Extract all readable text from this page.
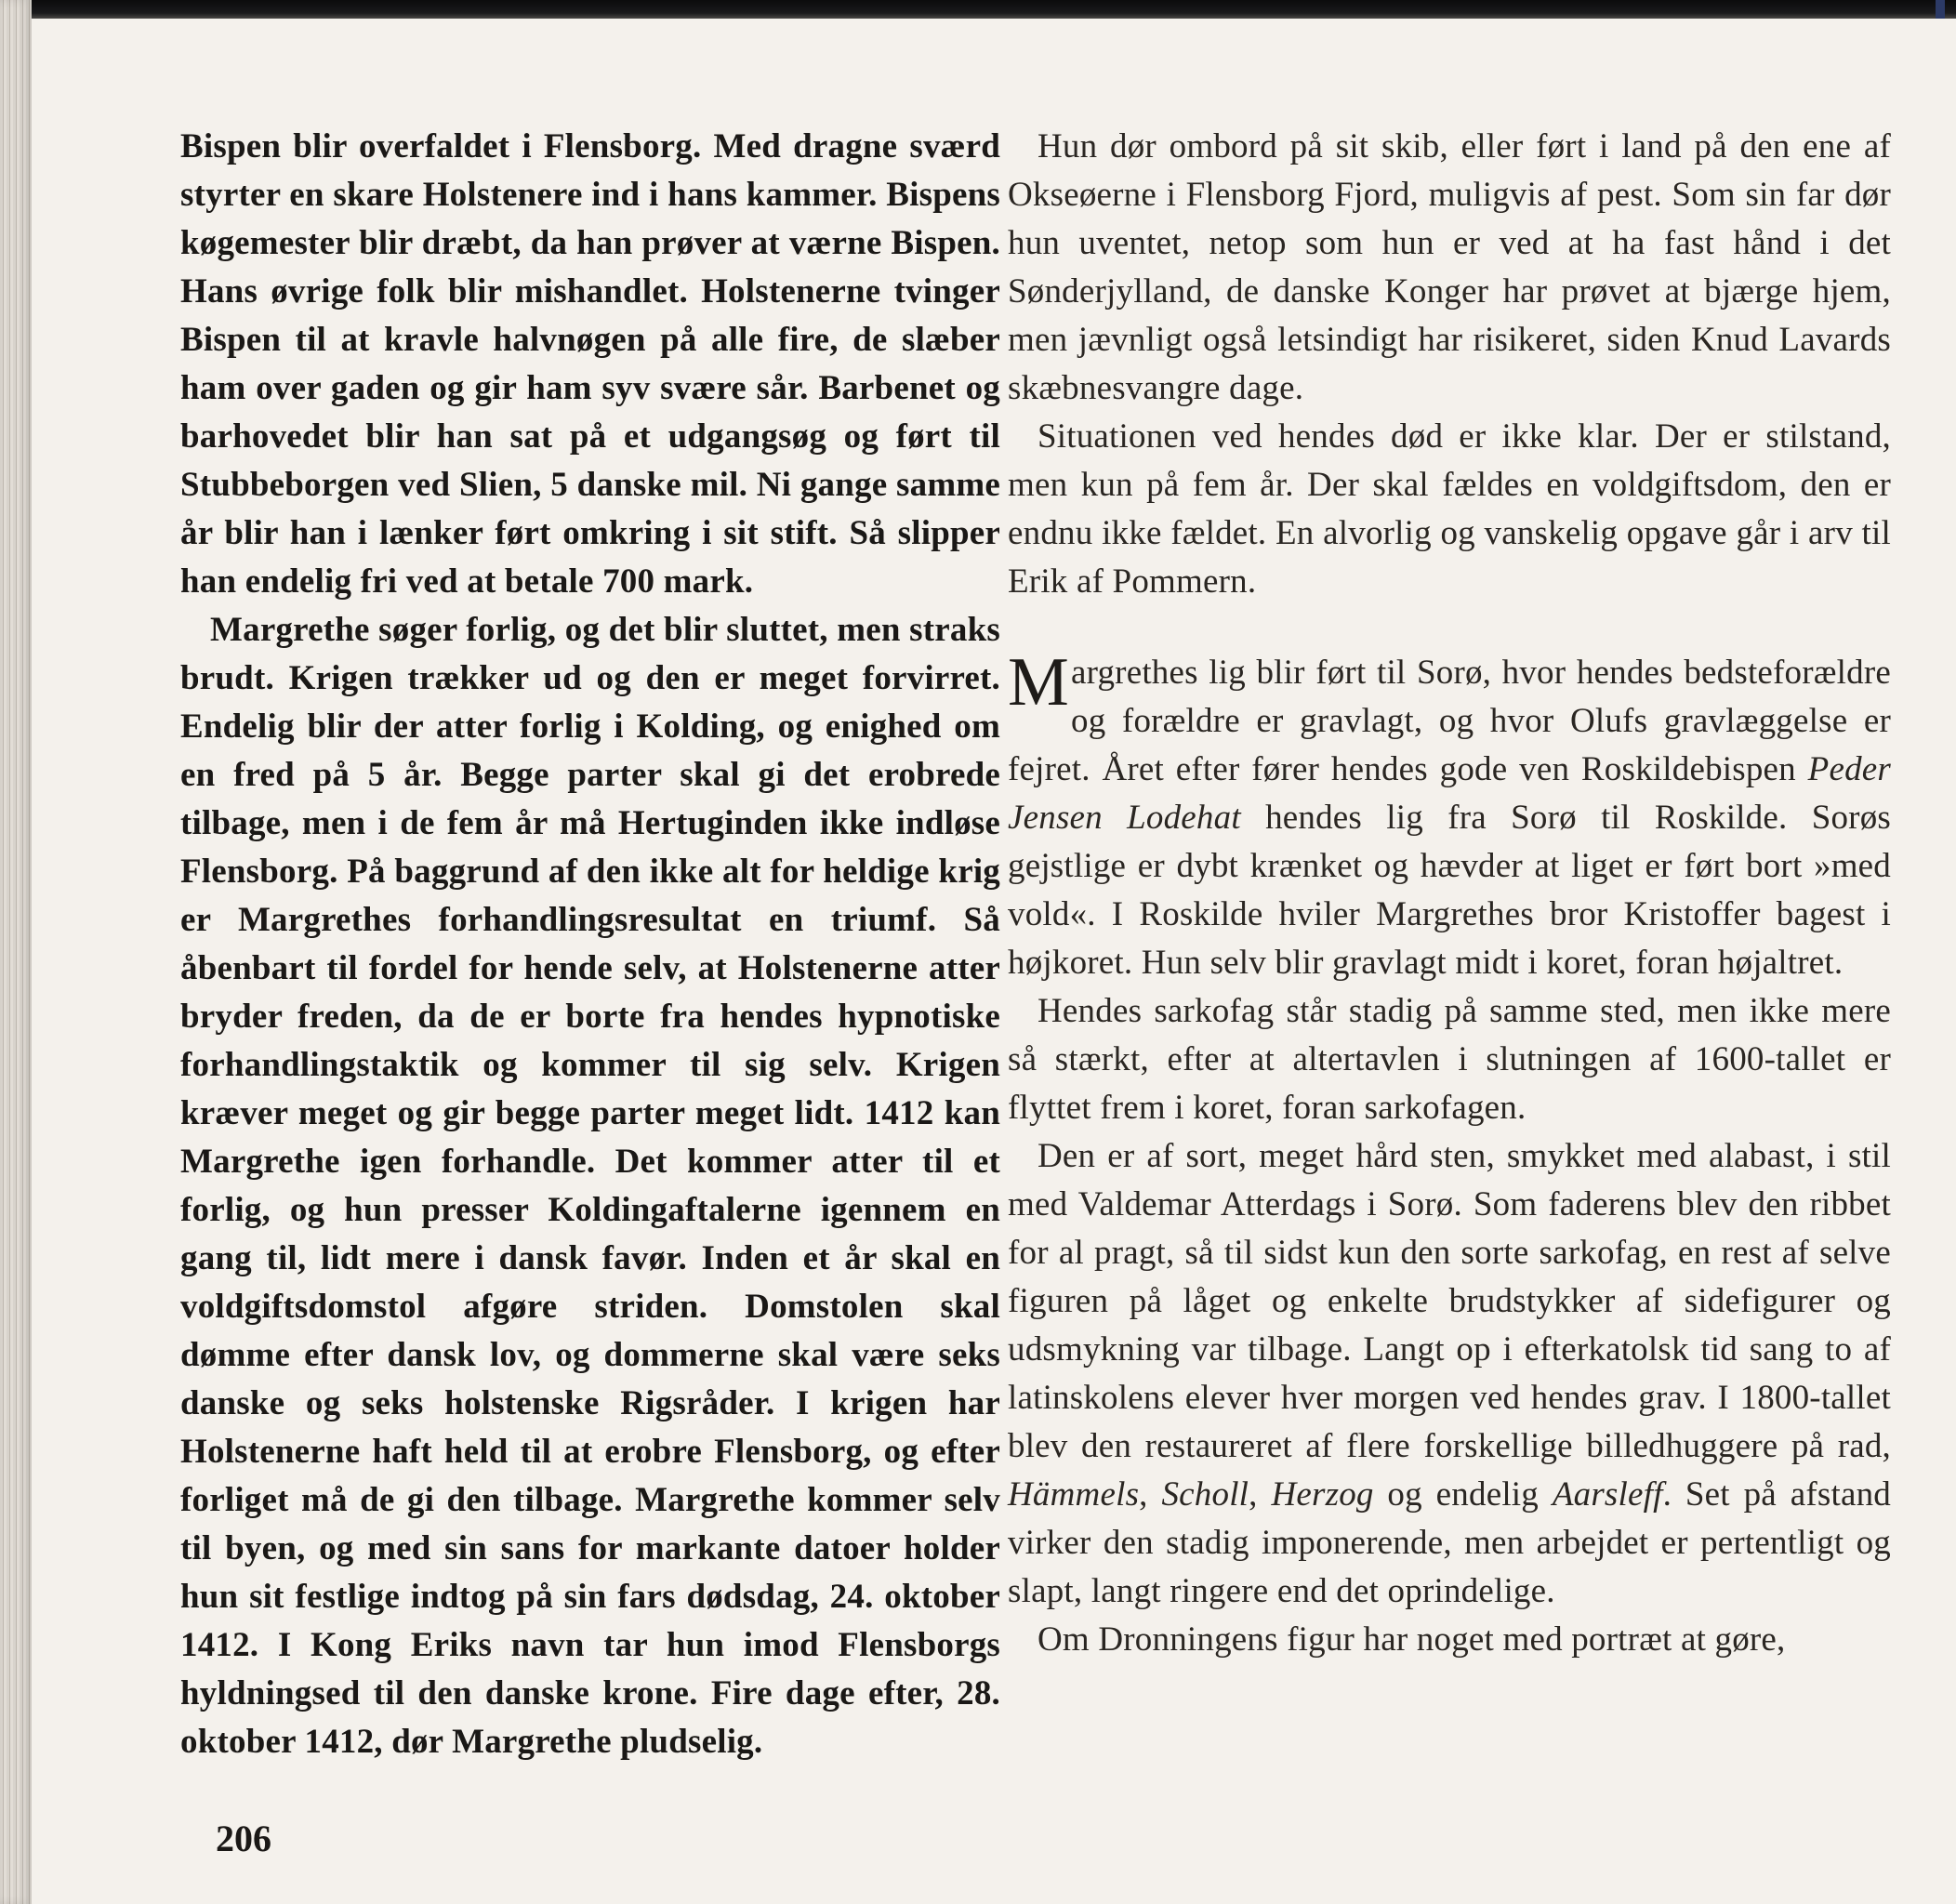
Bispen blir overfaldet i Flensborg. Med dragne sværd styrter en skare Holstenere ind i hans kammer. Bispens køgemester blir dræbt, da han prøver at værne Bispen. Hans øvrige folk blir mishandlet. Holstenerne tvinger Bispen til at kravle halvnøgen på alle fire, de slæber ham over gaden og gir ham syv svære sår. Barbenet og barhovedet blir han sat på et udgangsøg og ført til Stubbeborgen ved Slien, 5 danske mil. Ni gange samme år blir han i lænker ført omkring i sit stift. Så slipper han endelig fri ved at betale 700 mark.

Margrethe søger forlig, og det blir sluttet, men straks brudt. Krigen trækker ud og den er meget forvirret. Endelig blir der atter forlig i Kolding, og enighed om en fred på 5 år. Begge parter skal gi det erobrede tilbage, men i de fem år må Hertuginden ikke indløse Flensborg. På baggrund af den ikke alt for heldige krig er Margrethes forhandlingsresultat en triumf. Så åbenbart til fordel for hende selv, at Holstenerne atter bryder freden, da de er borte fra hendes hypnotiske forhandlingstaktik og kommer til sig selv. Krigen kræver meget og gir begge parter meget lidt. 1412 kan Margrethe igen forhandle. Det kommer atter til et forlig, og hun presser Koldingaftalerne igennem en gang til, lidt mere i dansk favør. Inden et år skal en voldgiftsdomstol afgøre striden. Domstolen skal dømme efter dansk lov, og dommerne skal være seks danske og seks holstenske Rigsråder. I krigen har Holstenerne haft held til at erobre Flensborg, og efter forliget må de gi den tilbage. Margrethe kommer selv til byen, og med sin sans for markante datoer holder hun sit festlige indtog på sin fars dødsdag, 24. oktober 1412. I Kong Eriks navn tar hun imod Flensborgs hyldningsed til den danske krone. Fire dage efter, 28. oktober 1412, dør Margrethe pludselig.

Hun dør ombord på sit skib, eller ført i land på den ene af Okseøerne i Flensborg Fjord, muligvis af pest. Som sin far dør hun uventet, netop som hun er ved at ha fast hånd i det Sønderjylland, de danske Konger har prøvet at bjærge hjem, men jævnligt også letsindigt har risikeret, siden Knud Lavards skæbnesvangre dage.

Situationen ved hendes død er ikke klar. Der er stilstand, men kun på fem år. Der skal fældes en voldgiftsdom, den er endnu ikke fældet. En alvorlig og vanskelig opgave går i arv til Erik af Pommern.

Margrethes lig blir ført til Sorø, hvor hendes bedsteforældre og forældre er gravlagt, og hvor Olufs gravlæggelse er fejret. Året efter fører hendes gode ven Roskildebispen Peder Jensen Lodehat hendes lig fra Sorø til Roskilde. Sorøs gejstlige er dybt krænket og hævder at liget er ført bort »med vold«. I Roskilde hviler Margrethes bror Kristoffer bagest i højkoret. Hun selv blir gravlagt midt i koret, foran højaltret.

Hendes sarkofag står stadig på samme sted, men ikke mere så stærkt, efter at altertavlen i slutningen af 1600-tallet er flyttet frem i koret, foran sarkofagen.

Den er af sort, meget hård sten, smykket med alabast, i stil med Valdemar Atterdags i Sorø. Som faderens blev den ribbet for al pragt, så til sidst kun den sorte sarkofag, en rest af selve figuren på låget og enkelte brudstykker af sidefigurer og udsmykning var tilbage. Langt op i efterkatolsk tid sang to af latinskolens elever hver morgen ved hendes grav. I 1800-tallet blev den restaureret af flere forskellige billedhuggere på rad, Hämmels, Scholl, Herzog og endelig Aarsleff. Set på afstand virker den stadig imponerende, men arbejdet er pertentligt og slapt, langt ringere end det oprindelige.

Om Dronningens figur har noget med portræt at gøre,

206
